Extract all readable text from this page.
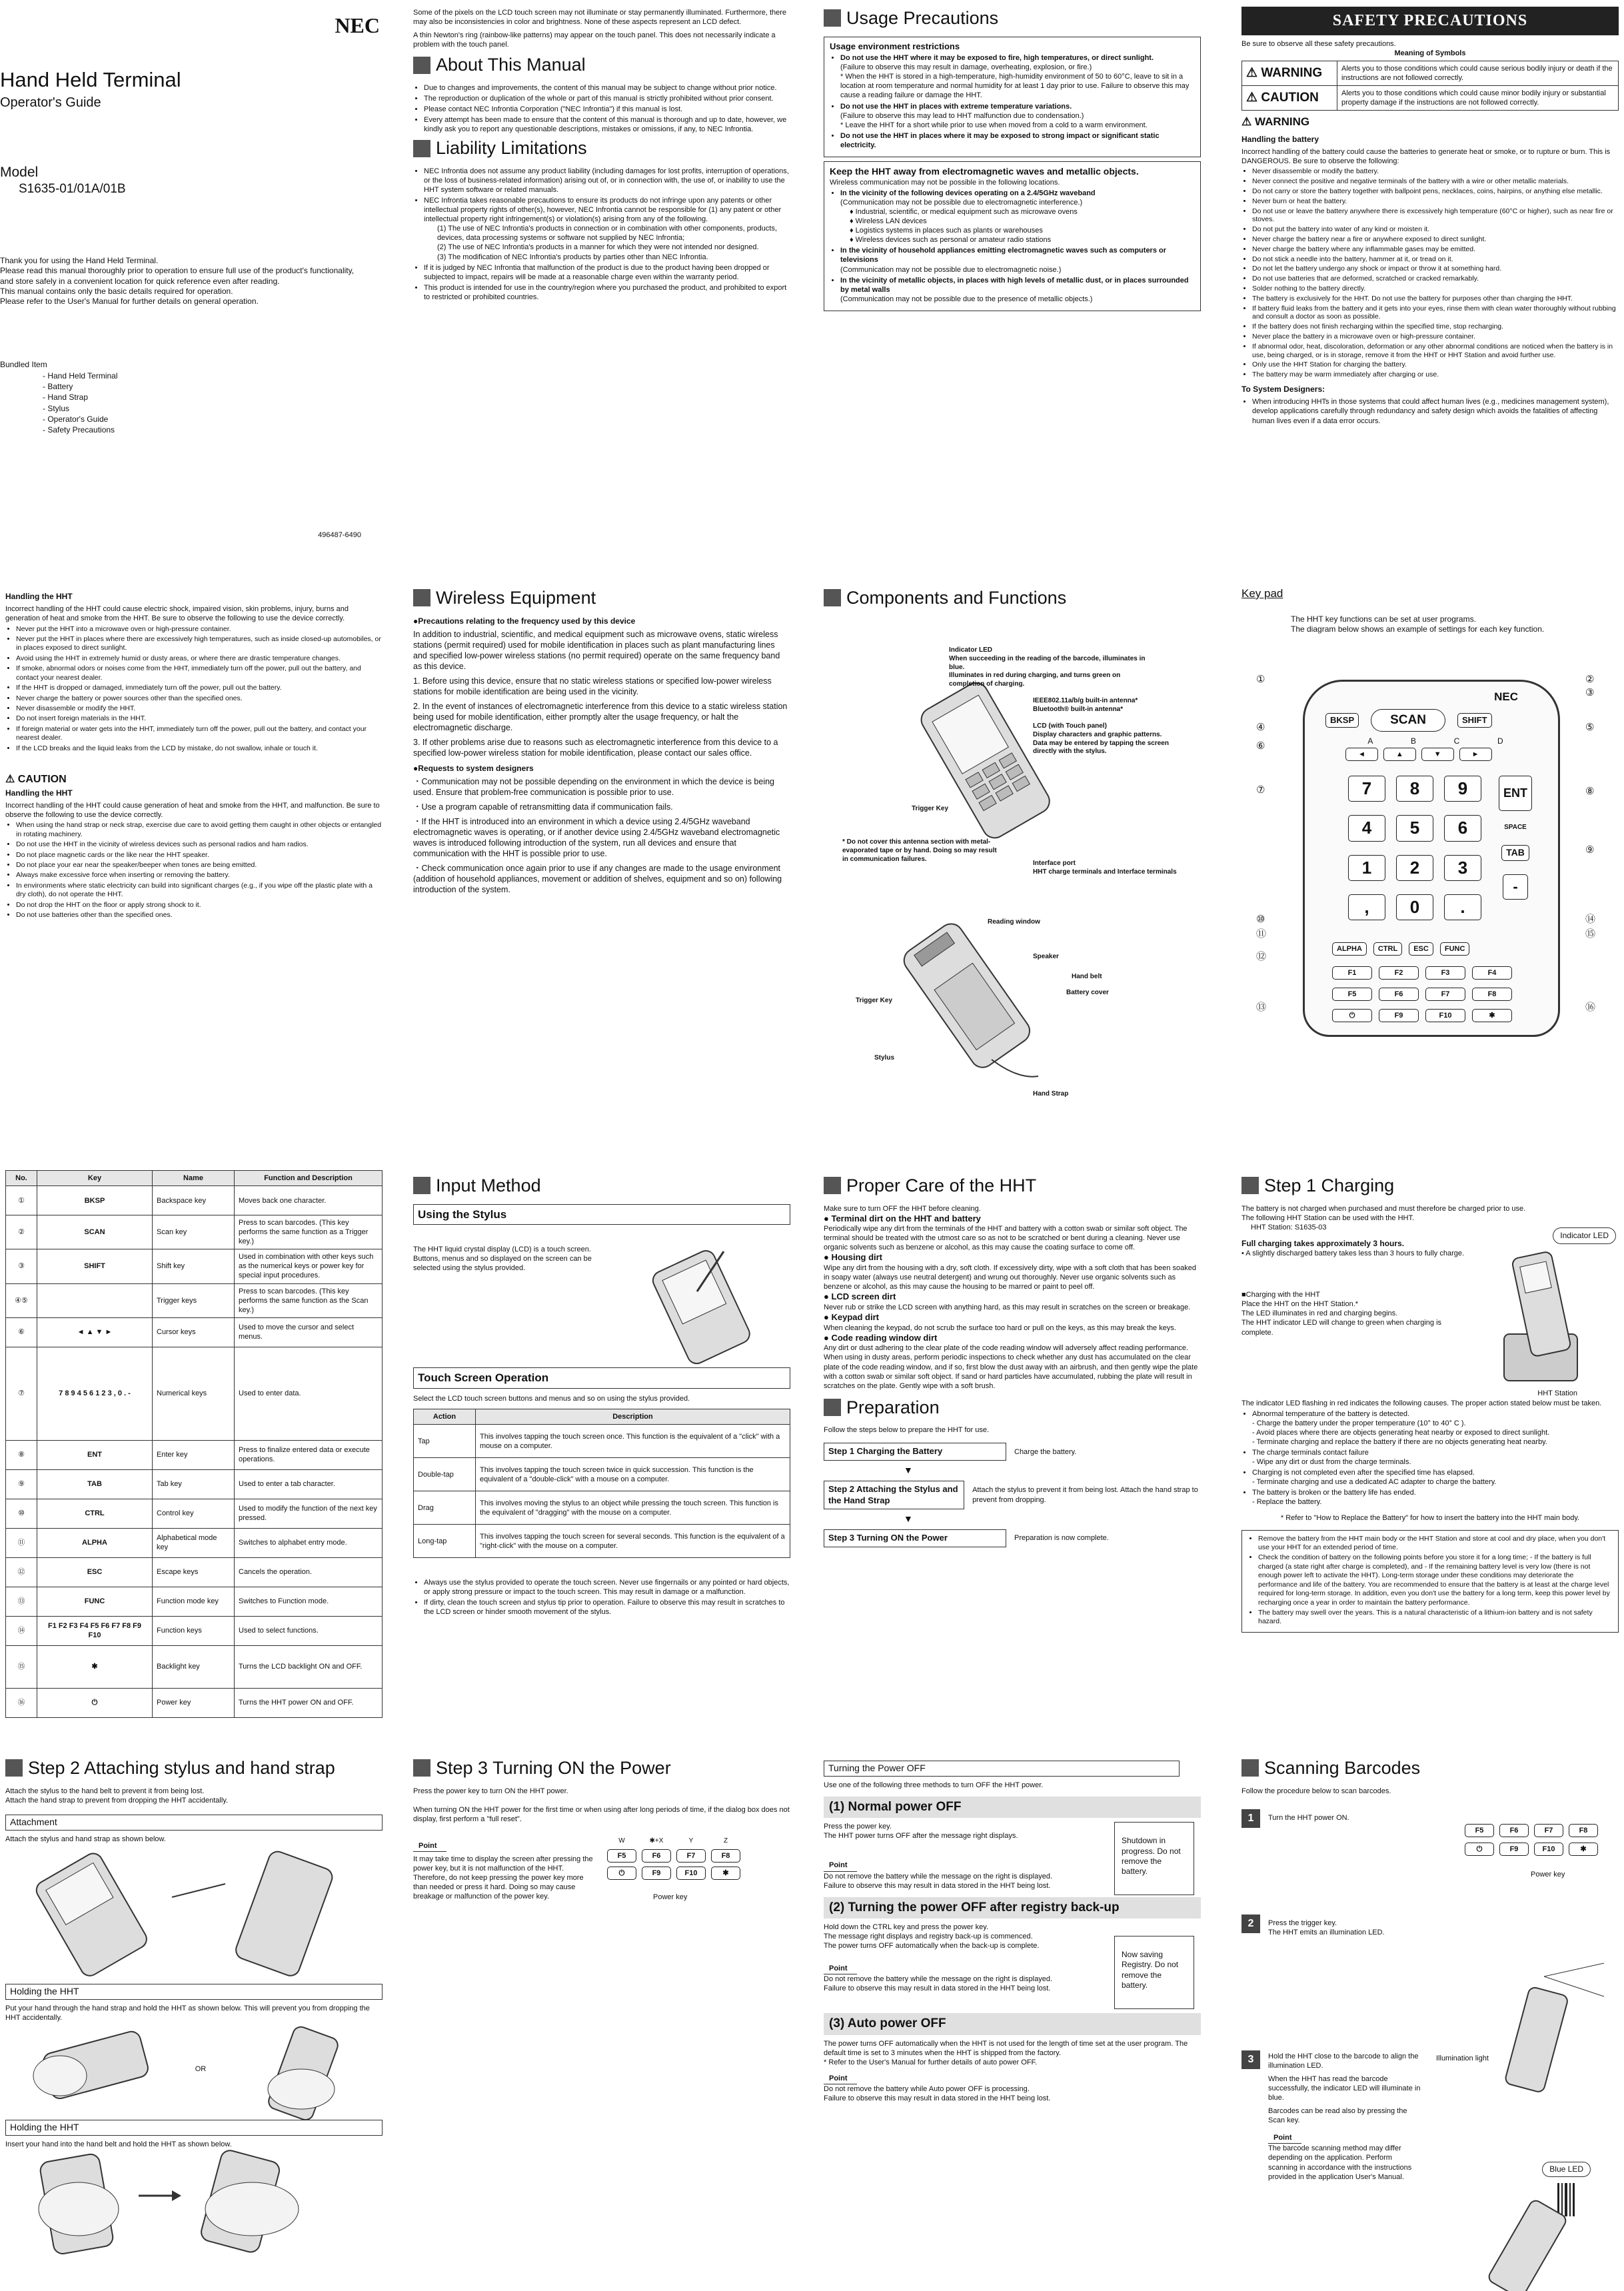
NEC
Hand Held Terminal
Operator's Guide
Model
S1635-01/01A/01B
Thank you for using the Hand Held Terminal.
Please read this manual thoroughly prior to operation to ensure full use of the product's functionality, and store safely in a convenient location for quick reference even after reading.
This manual contains only the basic details required for operation.
Please refer to the User's Manual for further details on general operation.
Bundled Item
- Hand Held Terminal
- Battery
- Hand Strap
- Stylus
- Operator's Guide
- Safety Precautions
496487-6490

Some of the pixels on the LCD touch screen may not illuminate or stay permanently illuminated. Furthermore, there may also be inconsistencies in color and brightness. None of these aspects represent an LCD defect.

A thin Newton's ring (rainbow-like patterns) may appear on the touch panel. This does not necessarily indicate a problem with the touch panel.

About This Manual
• Due to changes and improvements, the content of this manual may be subject to change without prior notice.
• The reproduction or duplication of the whole or part of this manual is strictly prohibited without prior consent.
• Please contact NEC Infrontia Corporation ("NEC Infrontia") if this manual is lost.
• Every attempt has been made to ensure that the content of this manual is thorough and up to date, however, we kindly ask you to report any questionable descriptions, mistakes or omissions, if any, to NEC Infrontia.
Liability Limitations
• NEC Infrontia does not assume any product liability (including damages for lost profits, interruption of operations, or the loss of business-related information) arising out of, or in connection with, the use of, or inability to use the HHT system software or related manuals.
• NEC Infrontia takes reasonable precautions to ensure its products do not infringe upon any patents or other intellectual property rights of other(s), however, NEC Infrontia cannot be responsible for (1) any patent or other intellectual property right infringement(s) or violation(s) arising from any of the following.
(1) The use of NEC Infrontia's products in connection or in combination with other components, products, devices, data processing systems or software not supplied by NEC Infrontia;
(2) The use of NEC Infrontia's products in a manner for which they were not intended nor designed.
(3) The modification of NEC Infrontia's products by parties other than NEC Infrontia.
• If it is judged by NEC Infrontia that malfunction of the product is due to the product having been dropped or subjected to impact, repairs will be made at a reasonable charge even within the warranty period.
• This product is intended for use in the country/region where you purchased the product, and prohibited to export to restricted or prohibited countries.
Usage Precautions
Usage environment restrictions
• Do not use the HHT where it may be exposed to fire, high temperatures, or direct sunlight.
(Failure to observe this may result in damage, overheating, explosion, or fire.)
* When the HHT is stored in a high-temperature, high-humidity environment of 50 to 60°C, leave to sit in a location at room temperature and normal humidity for at least 1 day prior to use. Failure to observe this may cause a reading failure or damage the HHT.
• Do not use the HHT in places with extreme temperature variations.
(Failure to observe this may lead to HHT malfunction due to condensation.)
* Leave the HHT for a short while prior to use when moved from a cold to a warm environment.
• Do not use the HHT in places where it may be exposed to strong impact or significant static electricity.
Keep the HHT away from electromagnetic waves and metallic objects.
Wireless communication may not be possible in the following locations.
• In the vicinity of the following devices operating on a 2.4/5GHz waveband
(Communication may not be possible due to electromagnetic interference.)
♦ Industrial, scientific, or medical equipment such as microwave ovens
♦ Wireless LAN devices
♦ Logistics systems in places such as plants or warehouses
♦ Wireless devices such as personal or amateur radio stations
• In the vicinity of household appliances emitting electromagnetic waves such as computers or televisions
(Communication may not be possible due to electromagnetic noise.)
• In the vicinity of metallic objects, in places with high levels of metallic dust, or in places surrounded by metal walls
(Communication may not be possible due to the presence of metallic objects.)
SAFETY PRECAUTIONS
Be sure to observe all these safety precautions.
Meaning of Symbols
⚠ WARNING	Alerts you to those conditions which could cause serious bodily injury or death if the instructions are not followed correctly.
⚠ CAUTION	Alerts you to those conditions which could cause minor bodily injury or substantial property damage if the instructions are not followed correctly.
⚠ WARNING
Handling the battery
Incorrect handling of the battery could cause the batteries to generate heat or smoke, or to rupture or burn. This is DANGEROUS. Be sure to observe the following:
• Never disassemble or modify the battery.
• Never connect the positive and negative terminals of the battery with a wire or other metallic materials.
• Do not carry or store the battery together with ballpoint pens, necklaces, coins, hairpins, or anything else metallic.
• Never burn or heat the battery.
• Do not use or leave the battery anywhere there is excessively high temperature (60°C or higher), such as near fire or stoves.
• Do not put the battery into water of any kind or moisten it.
• Never charge the battery near a fire or anywhere exposed to direct sunlight.
• Never charge the battery where any inflammable gases may be emitted.
• Do not stick a needle into the battery, hammer at it, or tread on it.
• Do not let the battery undergo any shock or impact or throw it at something hard.
• Do not use batteries that are deformed, scratched or cracked remarkably.
• Solder nothing to the battery directly.
• The battery is exclusively for the HHT. Do not use the battery for purposes other than charging the HHT.
• If battery fluid leaks from the battery and it gets into your eyes, rinse them with clean water thoroughly without rubbing and consult a doctor as soon as possible.
• If the battery does not finish recharging within the specified time, stop recharging.
• Never place the battery in a microwave oven or high-pressure container.
• If abnormal odor, heat, discoloration, deformation or any other abnormal conditions are noticed when the battery is in use, being charged, or is in storage, remove it from the HHT or HHT Station and avoid further use.
• Only use the HHT Station for charging the battery.
• The battery may be warm immediately after charging or use.
To System Designers:
• When introducing HHTs in those systems that could affect human lives (e.g., medicines management system), develop applications carefully through redundancy and safety design which avoids the fatalities of affecting human lives even if a data error occurs.
Handling the HHT
Incorrect handling of the HHT could cause electric shock, impaired vision, skin problems, injury, burns and generation of heat and smoke from the HHT. Be sure to observe the following to use the device correctly.
• Never put the HHT into a microwave oven or high-pressure container.
• Never put the HHT in places where there are excessively high temperatures, such as inside closed-up automobiles, or in places exposed to direct sunlight.
• Avoid using the HHT in extremely humid or dusty areas, or where there are drastic temperature changes.
• If smoke, abnormal odors or noises come from the HHT, immediately turn off the power, pull out the battery, and contact your nearest dealer.
• If the HHT is dropped or damaged, immediately turn off the power, pull out the battery.
• Never charge the battery or power sources other than the specified ones.
• Never disassemble or modify the HHT.
• Do not insert foreign materials in the HHT.
• If foreign material or water gets into the HHT, immediately turn off the power, pull out the battery, and contact your nearest dealer.
• If the LCD breaks and the liquid leaks from the LCD by mistake, do not swallow, inhale or touch it.
⚠ CAUTION
Handling the HHT
Incorrect handling of the HHT could cause generation of heat and smoke from the HHT, and malfunction. Be sure to observe the following to use the device correctly.
• When using the hand strap or neck strap, exercise due care to avoid getting them caught in other objects or entangled in rotating machinery.
• Do not use the HHT in the vicinity of wireless devices such as personal radios and ham radios.
• Do not place magnetic cards or the like near the HHT speaker.
• Do not place your ear near the speaker/beeper when tones are being emitted.
• Always make excessive force when inserting or removing the battery.
• In environments where static electricity can build into significant charges (e.g., if you wipe off the plastic plate with a dry cloth), do not operate the HHT.
• Do not drop the HHT on the floor or apply strong shock to it.
• Do not use batteries other than the specified ones.
Wireless Equipment
●Precautions relating to the frequency used by this device

In addition to industrial, scientific, and medical equipment such as microwave ovens, static wireless stations (permit required) used for mobile identification in places such as plant manufacturing lines and specified low-power wireless stations (no permit required) operate on the same frequency band as this device.

1. Before using this device, ensure that no static wireless stations or specified low-power wireless stations for mobile identification are being used in the vicinity.

2. In the event of instances of electromagnetic interference from this device to a static wireless station being used for mobile identification, either promptly alter the usage frequency, or halt the electromagnetic discharge.

3. If other problems arise due to reasons such as electromagnetic interference from this device to a specified low-power wireless station for mobile identification, please contact our sales office.

●Requests to system designers

・Communication may not be possible depending on the environment in which the device is being used. Ensure that problem-free communication is possible prior to use.

・Use a program capable of retransmitting data if communication fails.

・If the HHT is introduced into an environment in which a device using 2.4/5GHz waveband electromagnetic waves is operating, or if another device using 2.4/5GHz waveband electromagnetic waves is introduced following introduction of the system, run all devices and ensure that communication with the HHT is possible prior to use.

・Check communication once again prior to use if any changes are made to the usage environment (addition of household appliances, movement or addition of shelves, equipment and so on) following introduction of the system.

Components and Functions
Indicator LED
When succeeding in the reading of the barcode, illuminates in blue.
Illuminates in red during charging, and turns green on completion of charging.
IEEE802.11a/b/g built-in antenna*
Bluetooth® built-in antenna*
LCD (with Touch panel)
Display characters and graphic patterns.
Data may be entered by tapping the screen directly with the stylus.
Trigger Key
* Do not cover this antenna section with metal-evaporated tape or by hand. Doing so may result in communication failures.
Interface port
HHT charge terminals and Interface terminals
Reading window
Speaker
Hand belt
Battery cover
Trigger Key
Stylus
Hand Strap
Key pad
The HHT key functions can be set at user programs.
The diagram below shows an example of settings for each key function.
①
④
⑥
⑦
⑩
⑪
⑫
⑬
②
③
⑤
⑧
⑨
⑭
⑮
⑯
NEC
BKSP	SCAN	SHIFT
A	B	C	D
◄	▲	▼	►
7	8	9
4	5	6
1	2	3
,	0	.
ENT
SPACE
TAB
-
ALPHA	CTRL	ESC	FUNC
F1	F2	F3	F4
F5	F6	F7	F8
⏻	F9	F10	✱
No.	Key	Name	Function and Description
①	BKSP	Backspace key	Moves back one character.
②	SCAN	Scan key	Press to scan barcodes. (This key performs the same function as a Trigger key.)
③	SHIFT	Shift key	Used in combination with other keys such as the numerical keys or power key for special input procedures.
④⑤		Trigger keys	Press to scan barcodes. (This key performs the same function as the Scan key.)
⑥	◄ ▲ ▼ ►	Cursor keys	Used to move the cursor and select menus.
⑦	7 8 9 4 5 6 1 2 3 , 0 . -	Numerical keys	Used to enter data.
⑧	ENT	Enter key	Press to finalize entered data or execute operations.
⑨	TAB	Tab key	Used to enter a tab character.
⑩	CTRL	Control key	Used to modify the function of the next key pressed.
⑪	ALPHA	Alphabetical mode key	Switches to alphabet entry mode.
⑫	ESC	Escape keys	Cancels the operation.
⑬	FUNC	Function mode key	Switches to Function mode.
⑭	F1 F2 F3 F4 F5 F6 F7 F8 F9 F10	Function keys	Used to select functions.
⑮	✱	Backlight key	Turns the LCD backlight ON and OFF.
⑯	⏻	Power key	Turns the HHT power ON and OFF.
Input Method
Using the Stylus
The HHT liquid crystal display (LCD) is a touch screen. Buttons, menus and so displayed on the screen can be selected using the stylus provided.
Touch Screen Operation
Select the LCD touch screen buttons and menus and so on using the stylus provided.
Action	Description
Tap	This involves tapping the touch screen once. This function is the equivalent of a "click" with a mouse on a computer.
Double-tap	This involves tapping the touch screen twice in quick succession. This function is the equivalent of a "double-click" with a mouse on a computer.
Drag	This involves moving the stylus to an object while pressing the touch screen. This function is the equivalent of "dragging" with the mouse on a computer.
Long-tap	This involves tapping the touch screen for several seconds. This function is the equivalent of a "right-click" with the mouse on a computer.
• Always use the stylus provided to operate the touch screen. Never use fingernails or any pointed or hard objects, or apply strong pressure or impact to the touch screen. This may result in damage or a malfunction.
• If dirty, clean the touch screen and stylus tip prior to operation. Failure to observe this may result in scratches to the LCD screen or hinder smooth movement of the stylus.
Proper Care of the HHT
Make sure to turn OFF the HHT before cleaning.
● Terminal dirt on the HHT and battery
Periodically wipe any dirt from the terminals of the HHT and battery with a cotton swab or similar soft object. The terminal should be treated with the utmost care so as not to be scratched or bent during a cleaning. Never use organic solvents such as benzene or alcohol, as this may cause the coating surface to come off.
● Housing dirt
Wipe any dirt from the housing with a dry, soft cloth. If excessively dirty, wipe with a soft cloth that has been soaked in soapy water (always use neutral detergent) and wrung out thoroughly. Never use organic solvents such as benzene or alcohol, as this may cause the housing to be marred or paint to peel off.
● LCD screen dirt
Never rub or strike the LCD screen with anything hard, as this may result in scratches on the screen or breakage.
● Keypad dirt
When cleaning the keypad, do not scrub the surface too hard or pull on the keys, as this may break the keys.
● Code reading window dirt
Any dirt or dust adhering to the clear plate of the code reading window will adversely affect reading performance. When using in dusty areas, perform periodic inspections to check whether any dust has accumulated on the clear plate of the code reading window, and if so, first blow the dust away with an airbrush, and then gently wipe the plate with a cotton swab or similar soft object. If sand or hard particles have accumulated, rubbing the plate will result in scratches on the plate. Gently wipe with a soft brush.
Preparation
Follow the steps below to prepare the HHT for use.
Step 1 Charging the Battery	Charge the battery.
▼
Step 2 Attaching the Stylus and the Hand Strap
Attach the stylus to prevent it from being lost. Attach the hand strap to prevent from dropping.
▼
Step 3 Turning ON the Power	Preparation is now complete.
Step 1 Charging
The battery is not charged when purchased and must therefore be charged prior to use.
The following HHT Station can be used with the HHT.
HHT Station: S1635-03
Full charging takes approximately 3 hours.
• A slightly discharged battery takes less than 3 hours to fully charge.
Indicator LED
HHT Station
■Charging with the HHT
Place the HHT on the HHT Station.*
The LED illuminates in red and charging begins.
The HHT indicator LED will change to green when charging is complete.
The indicator LED flashing in red indicates the following causes. The proper action stated below must be taken.
• Abnormal temperature of the battery is detected.
- Charge the battery under the proper temperature (10° to 40° C ).
- Avoid places where there are objects generating heat nearby or exposed to direct sunlight.
- Terminate charging and replace the battery if there are no objects generating heat nearby.
• The charge terminals contact failure
- Wipe any dirt or dust from the charge terminals.
• Charging is not completed even after the specified time has elapsed.
- Terminate charging and use a dedicated AC adapter to charge the battery.
• The battery is broken or the battery life has ended.
- Replace the battery.
* Refer to "How to Replace the Battery" for how to insert the battery into the HHT main body.
• Remove the battery from the HHT main body or the HHT Station and store at cool and dry place, when you don't use your HHT for an extended period of time.
• Check the condition of battery on the following points before you store it for a long time; - If the battery is full charged (a state right after charge is completed), and - If the remaining battery level is very low (there is not enough power left to activate the HHT). Long-term storage under these conditions may deteriorate the performance and life of the battery. You are recommended to ensure that the battery is at least at the charge level required for long-term storage. In addition, even you don't use the battery for a long term, keep this power level by recharging once a year in order to maintain the battery performance.
• The battery may swell over the years. This is a natural characteristic of a lithium-ion battery and is not safety hazard.
Step 2 Attaching stylus and hand strap
Attach the stylus to the hand belt to prevent it from being lost.
Attach the hand strap to prevent from dropping the HHT accidentally.
Attachment
Attach the stylus and hand strap as shown below.
Holding the HHT
Put your hand through the hand strap and hold the HHT as shown below. This will prevent you from dropping the HHT accidentally.
OR
Holding the HHT
Insert your hand into the hand belt and hold the HHT as shown below.
Step 3 Turning ON the Power
Press the power key to turn ON the HHT power.
When turning ON the HHT power for the first time or when using after long periods of time, if the dialog box does not display, first perform a "full reset".
Point
It may take time to display the screen after pressing the power key, but it is not malfunction of the HHT. Therefore, do not keep pressing the power key more than needed or press it hard. Doing so may cause breakage or malfunction of the power key.
W	✱+X	Y	Z
F5	F6	F7	F8
⏻	F9	F10	✱
Power key
Turning the Power OFF
Use one of the following three methods to turn OFF the HHT power.
(1) Normal power OFF
Press the power key.
The HHT power turns OFF after the message right displays.	Shutdown in progress. Do not remove the battery.
Point
Do not remove the battery while the message on the right is displayed.
Failure to observe this may result in data stored in the HHT being lost.
(2) Turning the power OFF after registry back-up
Hold down the CTRL key and press the power key.
The message right displays and registry back-up is commenced.
The power turns OFF automatically when the back-up is complete.
Now saving Registry. Do not remove the battery.
Point
Do not remove the battery while the message on the right is displayed.
Failure to observe this may result in data stored in the HHT being lost.
(3) Auto power OFF
The power turns OFF automatically when the HHT is not used for the length of time set at the user program. The default time is set to 3 minutes when the HHT is shipped from the factory.
* Refer to the User's Manual for further details of auto power OFF.
Point
Do not remove the battery while Auto power OFF is processing.
Failure to observe this may result in data stored in the HHT being lost.
Scanning Barcodes
Follow the procedure below to scan barcodes.
1	Turn the HHT power ON.
F5	F6	F7	F8
⏻	F9	F10	✱
Power key
2	Press the trigger key.
The HHT emits an illumination LED.
Illumination light
3	Hold the HHT close to the barcode to align the illumination LED.

When the HHT has read the barcode successfully, the indicator LED will illuminate in blue.

Barcodes can be read also by pressing the Scan key.

Point
The barcode scanning method may differ depending on the application. Perform scanning in accordance with the instructions provided in the application User's Manual.
Blue LED
